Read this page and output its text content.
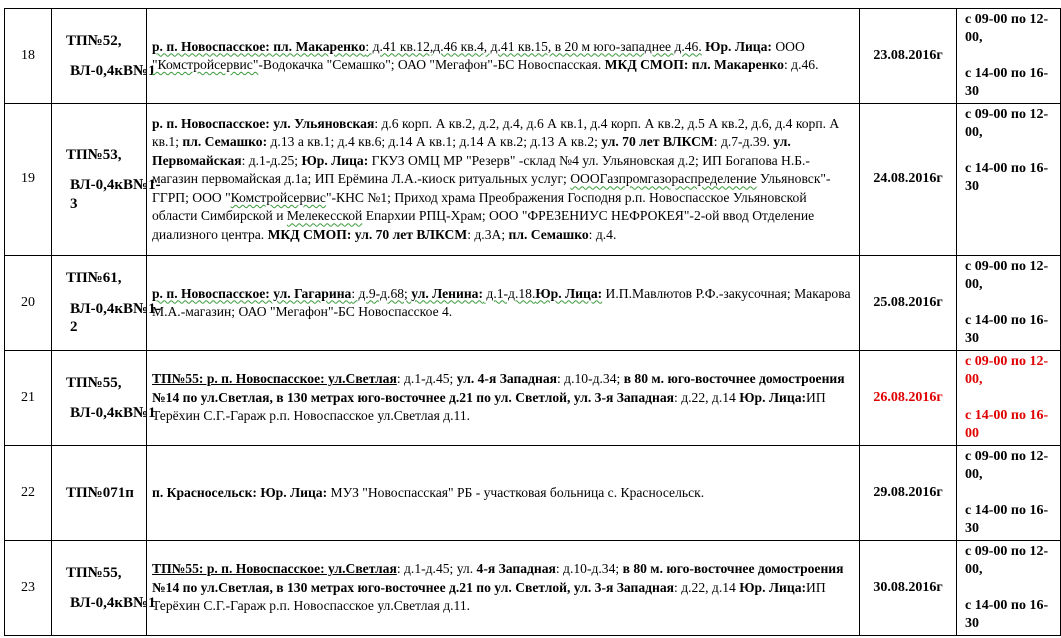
18	ТП№52,
ВЛ-0,4кВ№1	р. п. Новоспасское: пл. Макаренко: д.41 кв.12,д.46 кв.4, д.41 кв.15, в 20 м юго-западнее д.46. Юр. Лица: ООО "Комстройсервис"-Водокачка "Семашко"; ОАО "Мегафон"-БС Новоспасская. МКД СМОП: пл. Макаренко: д.46.	23.08.2016г	с 09-00 по 12-00,
с 14-00 по 16-30

19	ТП№53,
ВЛ-0,4кВ№1-3	р. п. Новоспасское: ул. Ульяновская: д.6 корп. А кв.2, д.2, д.4, д.6 А кв.1, д.4 корп. А кв.2, д.5 А кв.2, д.6, д.4 корп. А кв.1; пл. Семашко: д.13 а кв.1; д.4 кв.6; д.14 А кв.1; д.14 А кв.2; д.13 А кв.2; ул. 70 лет ВЛКСМ: д.7-д.39. ул. Первомайская: д.1-д.25; Юр. Лица: ГКУЗ ОМЦ МР "Резерв" -склад №4 ул. Ульяновская д.2; ИП Богапова Н.Б.-магазин первомайская д.1а; ИП Ерёмина Л.А.-киоск ритуальных услуг; ОООГазпромгазораспределение Ульяновск"-ГГРП; ООО "Комстройсервис"-КНС №1; Приход храма Преображения Господня р.п. Новоспасское Ульяновской области Симбирской и Мелекесской Епархии РПЦ-Храм; ООО "ФРЕЗЕНИУС НЕФРОКЕЯ"-2-ой ввод Отделение диализного центра. МКД СМОП: ул. 70 лет ВЛКСМ: д.3А; пл. Семашко: д.4.	24.08.2016г	с 09-00 по 12-00,
с 14-00 по 16-30

20	ТП№61,
ВЛ-0,4кВ№1-2	р. п. Новоспасское: ул. Гагарина: д.9-д.68; ул. Ленина: д.1-д.18.Юр. Лица: И.П.Мавлютов Р.Ф.-закусочная; Макарова М.А.-магазин; ОАО "Мегафон"-БС Новоспасское 4.	25.08.2016г	с 09-00 по 12-00,
с 14-00 по 16-30

21	ТП№55,
ВЛ-0,4кВ№1	ТП№55: р. п. Новоспасское: ул.Светлая: д.1-д.45; ул. 4-я Западная: д.10-д.34; в 80 м. юго-восточнее домостроения №14 по ул.Светлая, в 130 метрах юго-восточнее д.21 по ул. Светлой, ул. 3-я Западная: д.22, д.14 Юр. Лица:ИП Терёхин С.Г.-Гараж р.п. Новоспасское ул.Светлая д.11.	26.08.2016г	с 09-00 по 12-00,
с 14-00 по 16-00

22	ТП№071п	п. Красносельск: Юр. Лица: МУЗ "Новоспасская" РБ - участковая больница с. Красносельск.	29.08.2016г	с 09-00 по 12-00,
с 14-00 по 16-30

23	ТП№55,
ВЛ-0,4кВ№1	ТП№55: р. п. Новоспасское: ул.Светлая: д.1-д.45; ул. 4-я Западная: д.10-д.34; в 80 м. юго-восточнее домостроения №14 по ул.Светлая, в 130 метрах юго-восточнее д.21 по ул. Светлой, ул. 3-я Западная: д.22, д.14 Юр. Лица:ИП Терёхин С.Г.-Гараж р.п. Новоспасское ул.Светлая д.11.	30.08.2016г	с 09-00 по 12-00,
с 14-00 по 16-30
